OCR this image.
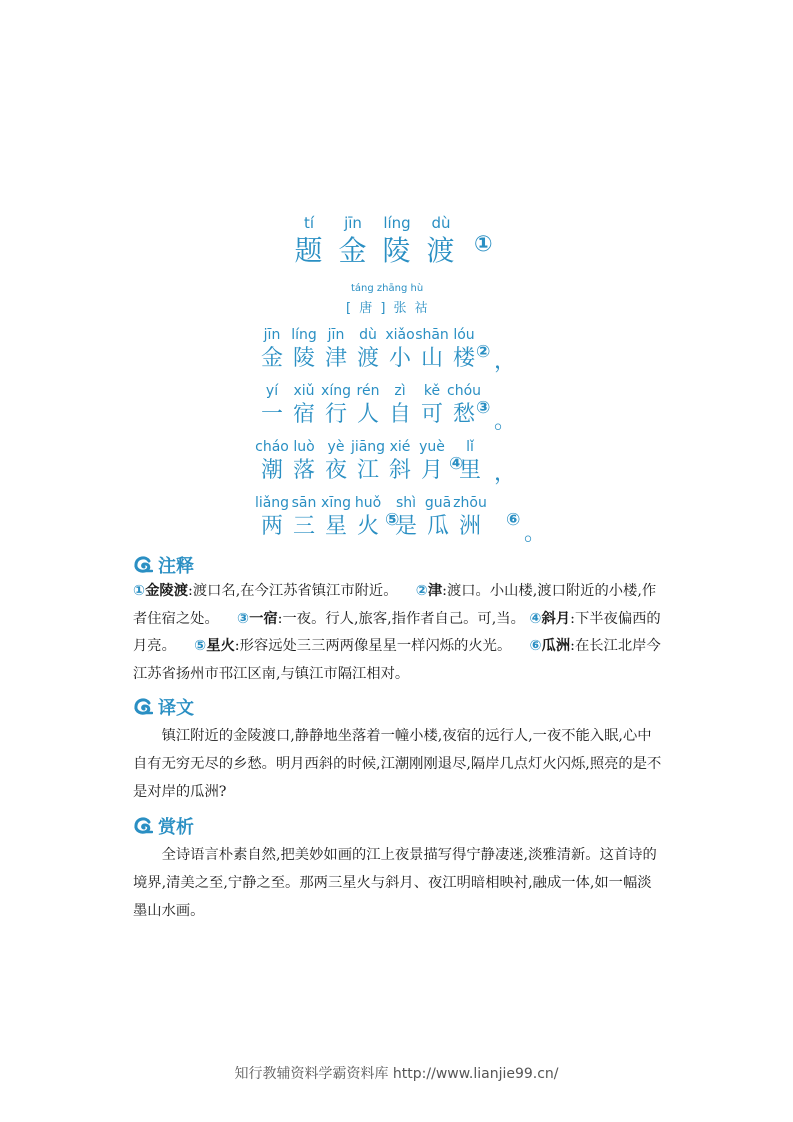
tí
题
jīn
金
líng
陵
dù
渡 ①
táng zhāng hù
[ 唐 ] 张 祜
jīn
金
líng
陵
jīn
津
dù
渡
xiǎo
小
shān
山
lóu
楼 ② ，
yí
一
xiǔ
宿
xíng
行
rén
人
zì
自
kě
可
chóu
愁 ③
。
cháo
潮
luò
落
yè
夜
jiāng
江
xié
斜
yuè
月
lǐ
里
④ ，
liǎng
两
sān
三
xīng
星
huǒ
火
shì
是
guā
瓜
zhōu
洲
⑤	⑥
。
注释
①金陵渡:渡口名,在今江苏省镇江市附近。 ②津:渡口。小山楼,渡口附近的小楼,作者住宿之处。 ③一宿:一夜。行人,旅客,指作者自己。可,当。 ④斜月:下半夜偏西的月亮。 ⑤星火:形容远处三三两两像星星一样闪烁的火光。 ⑥瓜洲:在长江北岸今江苏省扬州市邗江区南,与镇江市隔江相对。
译文
镇江附近的金陵渡口,静静地坐落着一幢小楼,夜宿的远行人,一夜不能入眠,心中自有无穷无尽的乡愁。明月西斜的时候,江潮刚刚退尽,隔岸几点灯火闪烁,照亮的是不是对岸的瓜洲?
赏析
全诗语言朴素自然,把美妙如画的江上夜景描写得宁静凄迷,淡雅清新。这首诗的境界,清美之至,宁静之至。那两三星火与斜月、夜江明暗相映衬,融成一体,如一幅淡墨山水画。
知行教辅资料学霸资料库 http://www.lianjie99.cn/
